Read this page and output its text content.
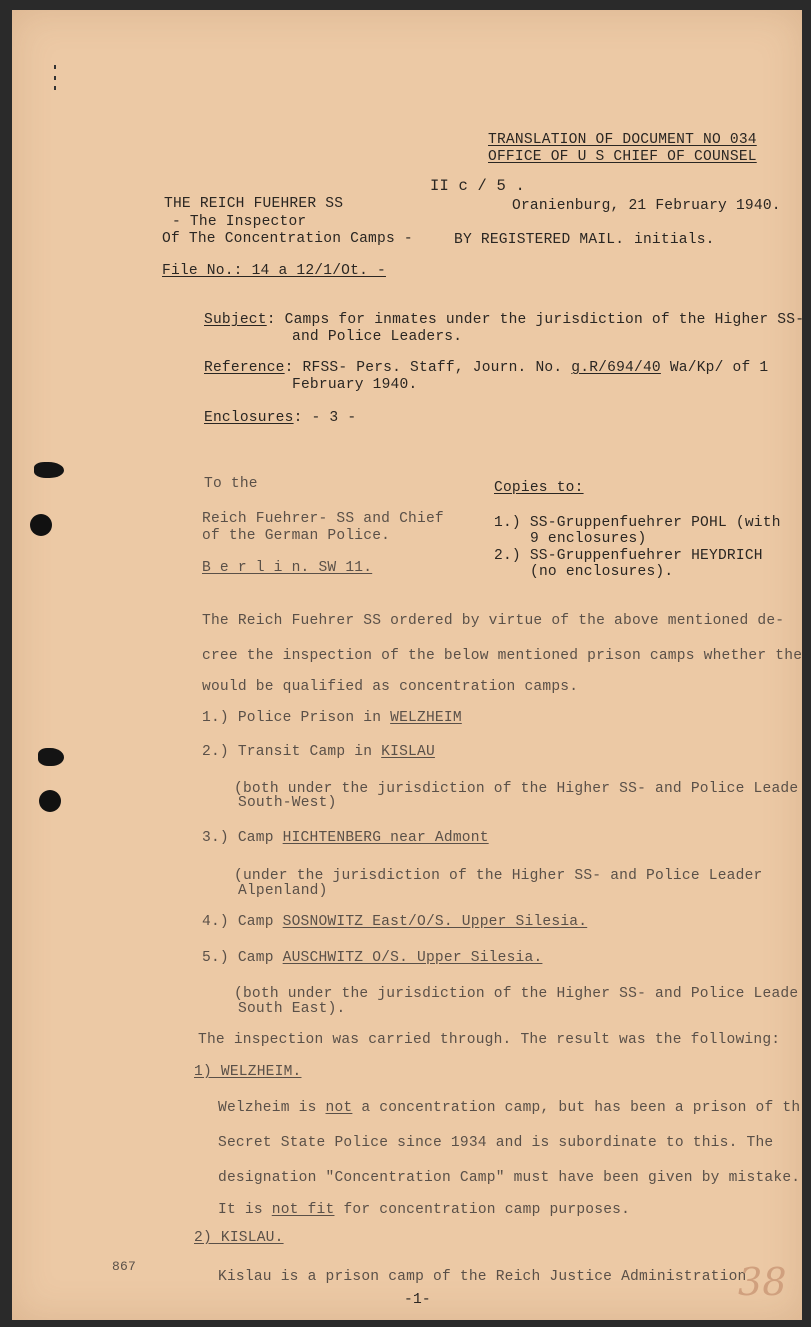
TRANSLATION OF DOCUMENT NO 034
OFFICE OF U S CHIEF OF COUNSEL
II c / 5 .
THE REICH FUEHRER SS
- The Inspector
Of The Concentration Camps -
Oranienburg, 21 February 1940.
BY REGISTERED MAIL. initials.
File No.: 14 a 12/1/Ot. -
Subject: Camps for inmates under the jurisdiction of the Higher SS-
and Police Leaders.
Reference: RFSS- Pers. Staff, Journ. No. g.R/694/40 Wa/Kp/ of 1
February 1940.
Enclosures: - 3 -
To the
Reich Fuehrer- SS and Chief
of the German Police.
B e r l i n. SW 11.
Copies to:
1.) SS-Gruppenfuehrer POHL (with
9 enclosures)
2.) SS-Gruppenfuehrer HEYDRICH
(no enclosures).
The Reich Fuehrer SS ordered by virtue of the above mentioned de-
cree the inspection of the below mentioned prison camps whether the
would be qualified as concentration camps.
1.) Police Prison in WELZHEIM
2.) Transit Camp in KISLAU
(both under the jurisdiction of the Higher SS- and Police Leade
South-West)
3.) Camp HICHTENBERG near Admont
(under the jurisdiction of the Higher SS- and Police Leader
Alpenland)
4.) Camp SOSNOWITZ East/O/S. Upper Silesia.
5.) Camp AUSCHWITZ O/S. Upper Silesia.
(both under the jurisdiction of the Higher SS- and Police Leade
South East).
The inspection was carried through. The result was the following:
1) WELZHEIM.
Welzheim is not a concentration camp, but has been a prison of th
Secret State Police since 1934 and is subordinate to this. The
designation "Concentration Camp" must have been given by mistake.
It is not fit for concentration camp purposes.
2) KISLAU.
Kislau is a prison camp of the Reich Justice Administration
867
-1-	38
